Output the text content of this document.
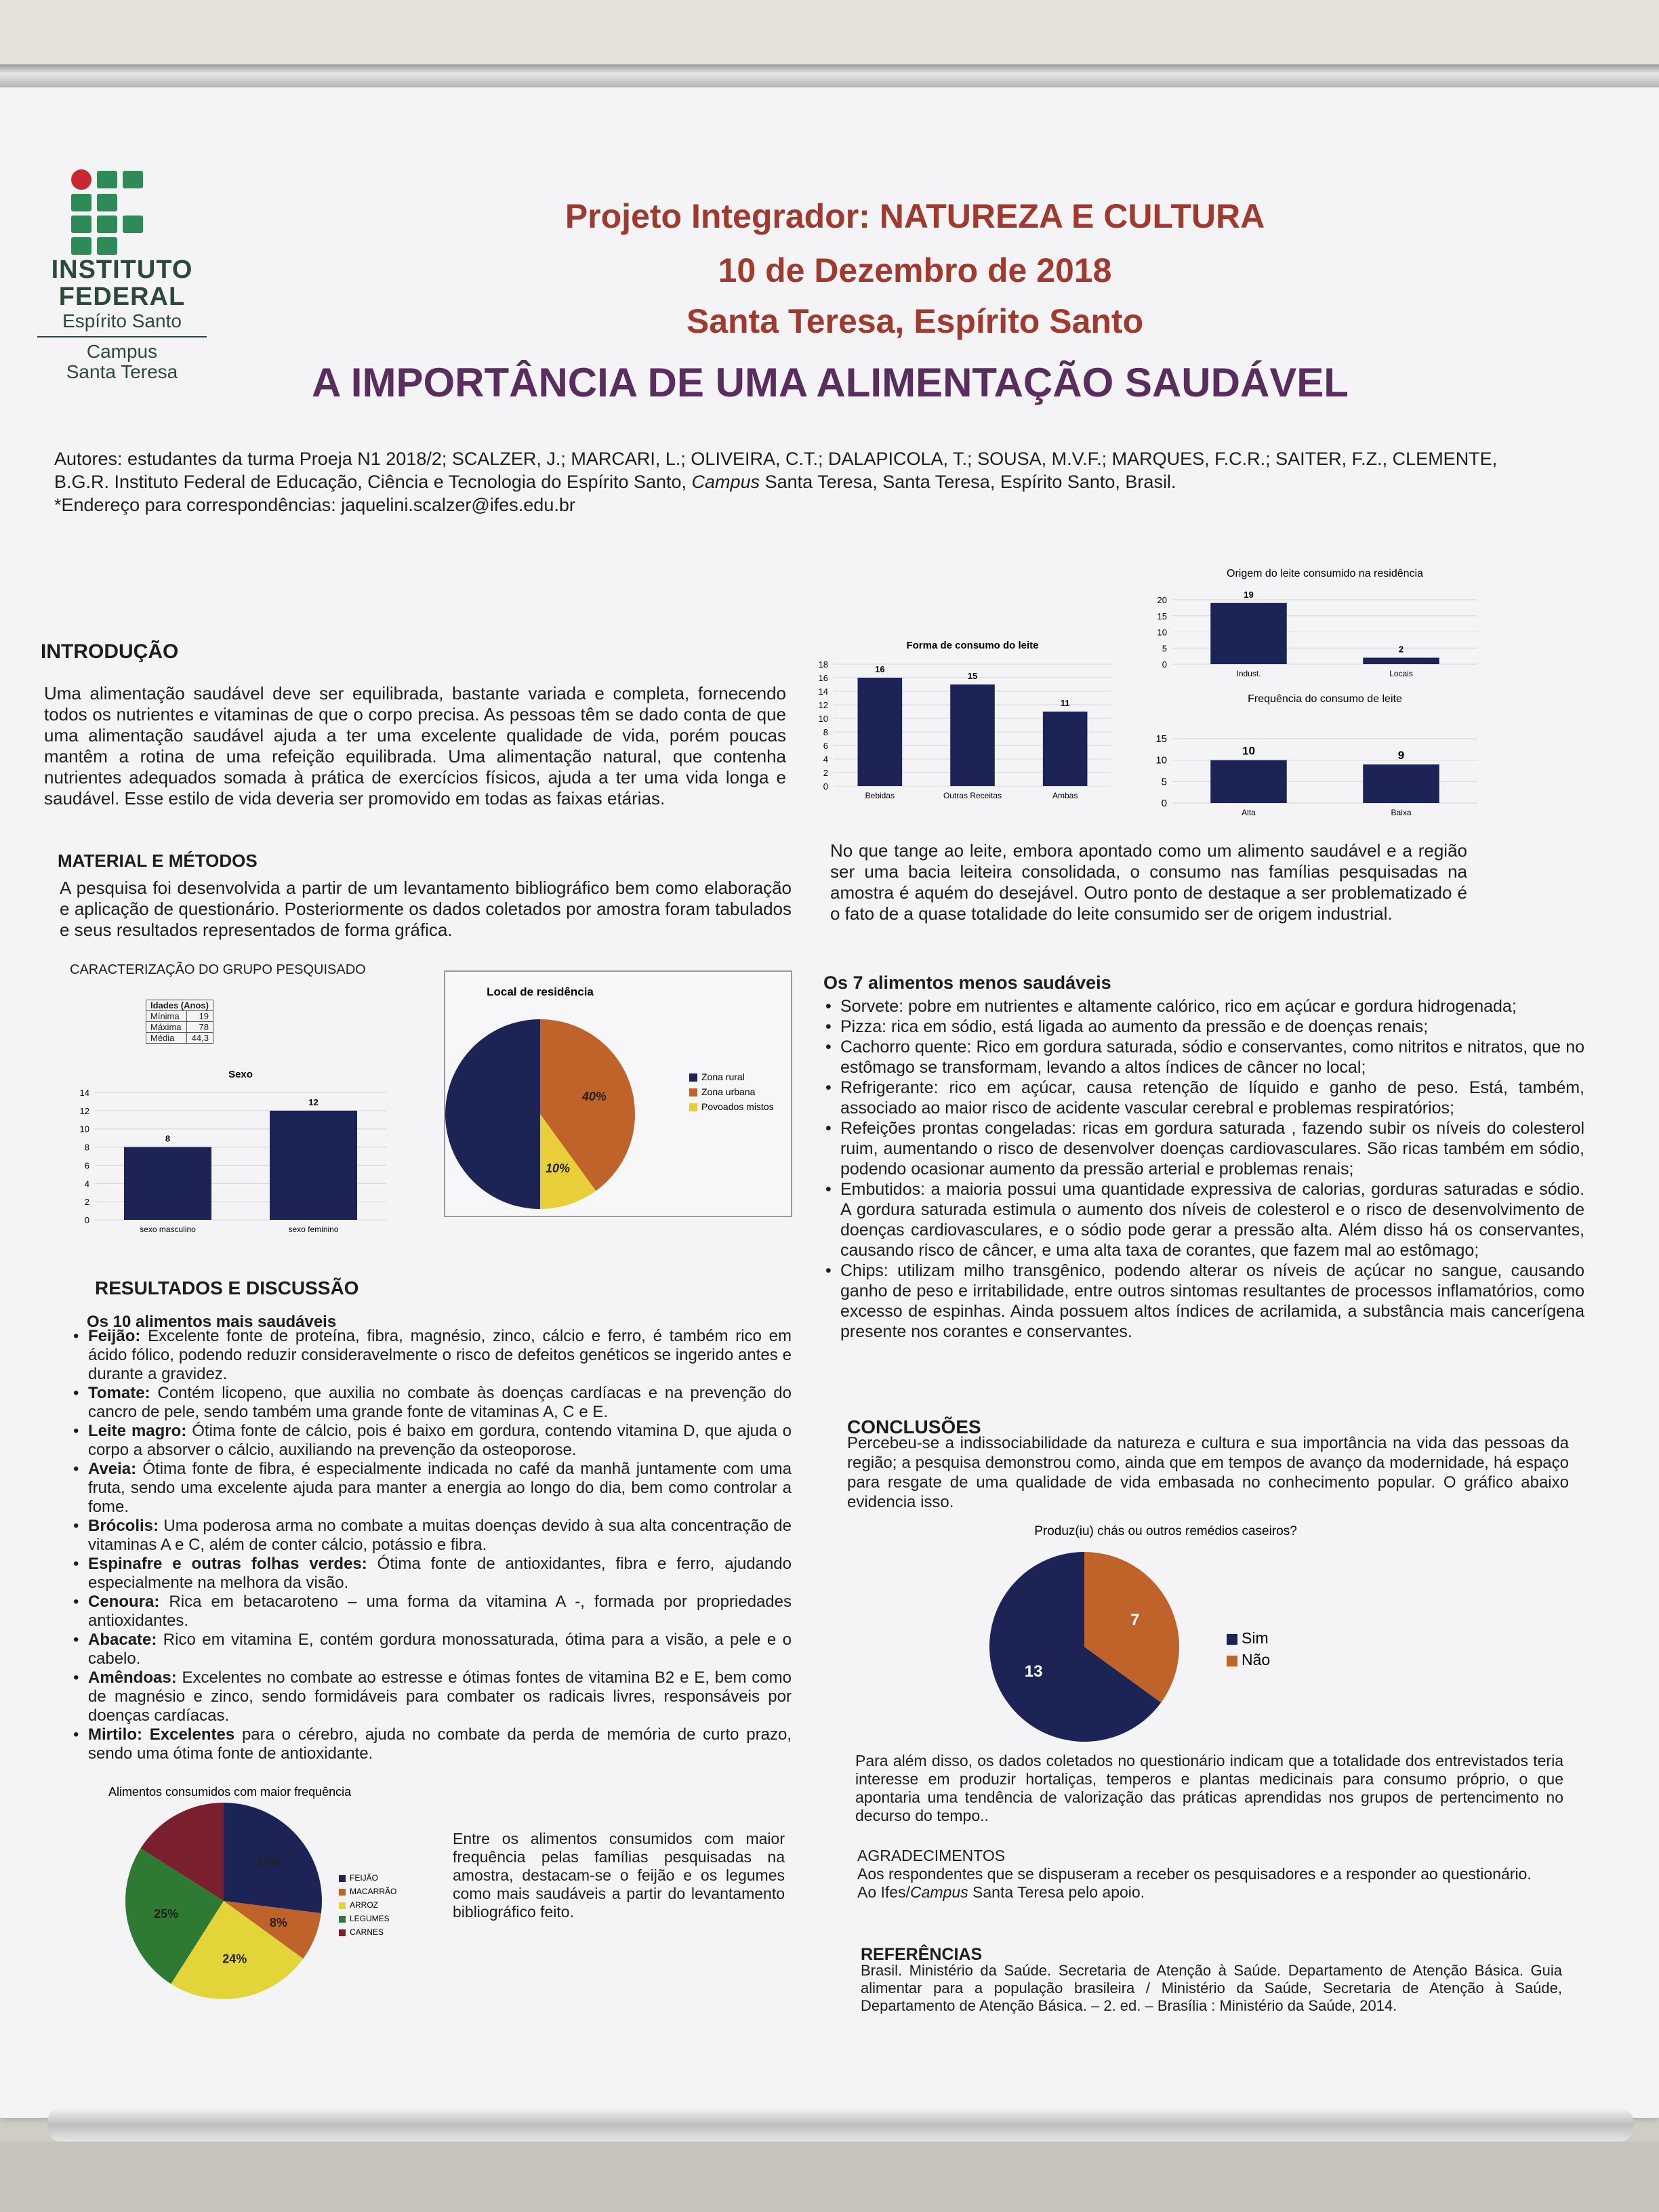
INSTITUTO
FEDERAL
Espírito Santo
Campus
Santa Teresa
Projeto Integrador: NATUREZA E CULTURA
10 de Dezembro de 2018
Santa Teresa, Espírito Santo
A IMPORTÂNCIA DE UMA ALIMENTAÇÃO SAUDÁVEL
Autores: estudantes da turma Proeja N1 2018/2; SCALZER, J.; MARCARI, L.; OLIVEIRA, C.T.; DALAPICOLA, T.; SOUSA, M.V.F.; MARQUES, F.C.R.; SAITER, F.Z., CLEMENTE,
B.G.R. Instituto Federal de Educação, Ciência e Tecnologia do Espírito Santo, Campus Santa Teresa, Santa Teresa, Espírito Santo, Brasil.
*Endereço para correspondências: jaquelini.scalzer@ifes.edu.br
INTRODUÇÃO
Uma alimentação saudável deve ser equilibrada, bastante variada e completa, fornecendo todos os nutrientes e vitaminas de que o corpo precisa. As pessoas têm se dado conta de que uma alimentação saudável ajuda a ter uma excelente qualidade de vida, porém poucas mantêm a rotina de uma refeição equilibrada. Uma alimentação natural, que contenha nutrientes adequados somada à prática de exercícios físicos, ajuda a ter uma vida longa e saudável. Esse estilo de vida deveria ser promovido em todas as faixas etárias.
MATERIAL E MÉTODOS
A pesquisa foi desenvolvida a partir de um levantamento bibliográfico bem como elaboração e aplicação de questionário. Posteriormente os dados coletados por amostra foram tabulados e seus resultados representados de forma gráfica.
CARACTERIZAÇÃO DO GRUPO PESQUISADO
Idades (Anos)	
Mínima	19
Máxima	78
Média	44,3
Sexo
14
12
10
8
6
4
2
0
8
sexo masculino
12
sexo feminino
Local de residência
40%
10%
Zona rural
Zona urbana
Povoados mistos
RESULTADOS E DISCUSSÃO
Os 10 alimentos mais saudáveis
• Feijão: Excelente fonte de proteína, fibra, magnésio, zinco, cálcio e ferro, é também rico em ácido fólico, podendo reduzir consideravelmente o risco de defeitos genéticos se ingerido antes e durante a gravidez.
• Tomate: Contém licopeno, que auxilia no combate às doenças cardíacas e na prevenção do cancro de pele, sendo também uma grande fonte de vitaminas A, C e E.
• Leite magro: Ótima fonte de cálcio, pois é baixo em gordura, contendo vitamina D, que ajuda o corpo a absorver o cálcio, auxiliando na prevenção da osteoporose.
• Aveia: Ótima fonte de fibra, é especialmente indicada no café da manhã juntamente com uma fruta, sendo uma excelente ajuda para manter a energia ao longo do dia, bem como controlar a fome.
• Brócolis: Uma poderosa arma no combate a muitas doenças devido à sua alta concentração de vitaminas A e C, além de conter cálcio, potássio e fibra.
• Espinafre e outras folhas verdes: Ótima fonte de antioxidantes, fibra e ferro, ajudando especialmente na melhora da visão.
• Cenoura: Rica em betacaroteno – uma forma da vitamina A -, formada por propriedades antioxidantes.
• Abacate: Rico em vitamina E, contém gordura monossaturada, ótima para a visão, a pele e o cabelo.
• Amêndoas: Excelentes no combate ao estresse e ótimas fontes de vitamina B2 e E, bem como de magnésio e zinco, sendo formidáveis para combater os radicais livres, responsáveis por doenças cardíacas.
• Mirtilo: Excelentes para o cérebro, ajuda no combate da perda de memória de curto prazo, sendo uma ótima fonte de antioxidante.
Alimentos consumidos com maior frequência
27%
8%
24%
25%
FEIJÃO
MACARRÃO
ARROZ
LEGUMES
CARNES
Entre os alimentos consumidos com maior frequência pelas famílias pesquisadas na amostra, destacam-se o feijão e os legumes como mais saudáveis a partir do levantamento bibliográfico feito.
Forma de consumo do leite
18
16
14
12
10
8
6
4
2
0
16
Bebidas
15
Outras Receitas
11
Ambas
Origem do leite consumido na residência
20
15
10
5
0
19
Indust.
2
Locais
Frequência do consumo de leite
15
10
5
0
10
Alta
9
Baixa
No que tange ao leite, embora apontado como um alimento saudável e a região ser uma bacia leiteira consolidada, o consumo nas famílias pesquisadas na amostra é aquém do desejável. Outro ponto de destaque a ser problematizado é o fato de a quase totalidade do leite consumido ser de origem industrial.
Os 7 alimentos menos saudáveis
• Sorvete: pobre em nutrientes e altamente calórico, rico em açúcar e gordura hidrogenada;
• Pizza: rica em sódio, está ligada ao aumento da pressão e de doenças renais;
• Cachorro quente: Rico em gordura saturada, sódio e conservantes, como nitritos e nitratos, que no estômago se transformam, levando a altos índices de câncer no local;
• Refrigerante: rico em açúcar, causa retenção de líquido e ganho de peso. Está, também, associado ao maior risco de acidente vascular cerebral e problemas respiratórios;
• Refeições prontas congeladas: ricas em gordura saturada , fazendo subir os níveis do colesterol ruim, aumentando o risco de desenvolver doenças cardiovasculares. São ricas também em sódio, podendo ocasionar aumento da pressão arterial e problemas renais;
• Embutidos: a maioria possui uma quantidade expressiva de calorias, gorduras saturadas e sódio. A gordura saturada estimula o aumento dos níveis de colesterol e o risco de desenvolvimento de doenças cardiovasculares, e o sódio pode gerar a pressão alta. Além disso há os conservantes, causando risco de câncer, e uma alta taxa de corantes, que fazem mal ao estômago;
• Chips: utilizam milho transgênico, podendo alterar os níveis de açúcar no sangue, causando ganho de peso e irritabilidade, entre outros sintomas resultantes de processos inflamatórios, como excesso de espinhas. Ainda possuem altos índices de acrilamida, a substância mais cancerígena presente nos corantes e conservantes.
CONCLUSÕES
Percebeu-se a indissociabilidade da natureza e cultura e sua importância na vida das pessoas da região; a pesquisa demonstrou como, ainda que em tempos de avanço da modernidade, há espaço para resgate de uma qualidade de vida embasada no conhecimento popular. O gráfico abaixo evidencia isso.
Produz(iu) chás ou outros remédios caseiros?
13
7
Sim
Não
Para além disso, os dados coletados no questionário indicam que a totalidade dos entrevistados teria interesse em produzir hortaliças, temperos e plantas medicinais para consumo próprio, o que apontaria uma tendência de valorização das práticas aprendidas nos grupos de pertencimento no decurso do tempo..
AGRADECIMENTOS
Aos respondentes que se dispuseram a receber os pesquisadores e a responder ao questionário.
Ao Ifes/Campus Santa Teresa pelo apoio.
REFERÊNCIAS
Brasil. Ministério da Saúde. Secretaria de Atenção à Saúde. Departamento de Atenção Básica. Guia alimentar para a população brasileira / Ministério da Saúde, Secretaria de Atenção à Saúde, Departamento de Atenção Básica. – 2. ed. – Brasília : Ministério da Saúde, 2014.
